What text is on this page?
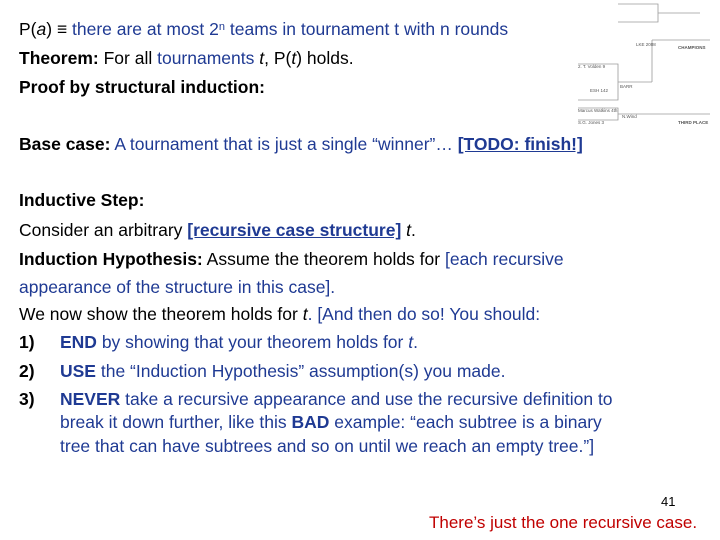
P(a) ≡ there are at most 2$^n$ teams in tournament t with n rounds
Theorem: For all tournaments t, P(t) holds.
Proof by structural induction:
Base case: A tournament that is just a single “winner”… [TODO: finish!]
Inductive Step:
Consider an arbitrary [recursive case structure] t.
Induction Hypothesis: Assume the theorem holds for [each recursive
appearance of the structure in this case].
We now show the theorem holds for t. [And then do so! You should:
1) END by showing that your theorem holds for t.
2) USE the “Induction Hypothesis” assumption(s) you made.
3) NEVER take a recursive appearance and use the recursive definition to
break it down further, like this BAD example: “each subtree is a binary
tree that can have subtrees and so on until we reach an empty tree.”]
LKE 2008
CHAMPIONS
2. T. Volden 9
ESH 142
BARR
Marcus Watkins 4th
N.Wind
S.G. Jones 3	THIRD PLACE
41
There’s just the one recursive case.
